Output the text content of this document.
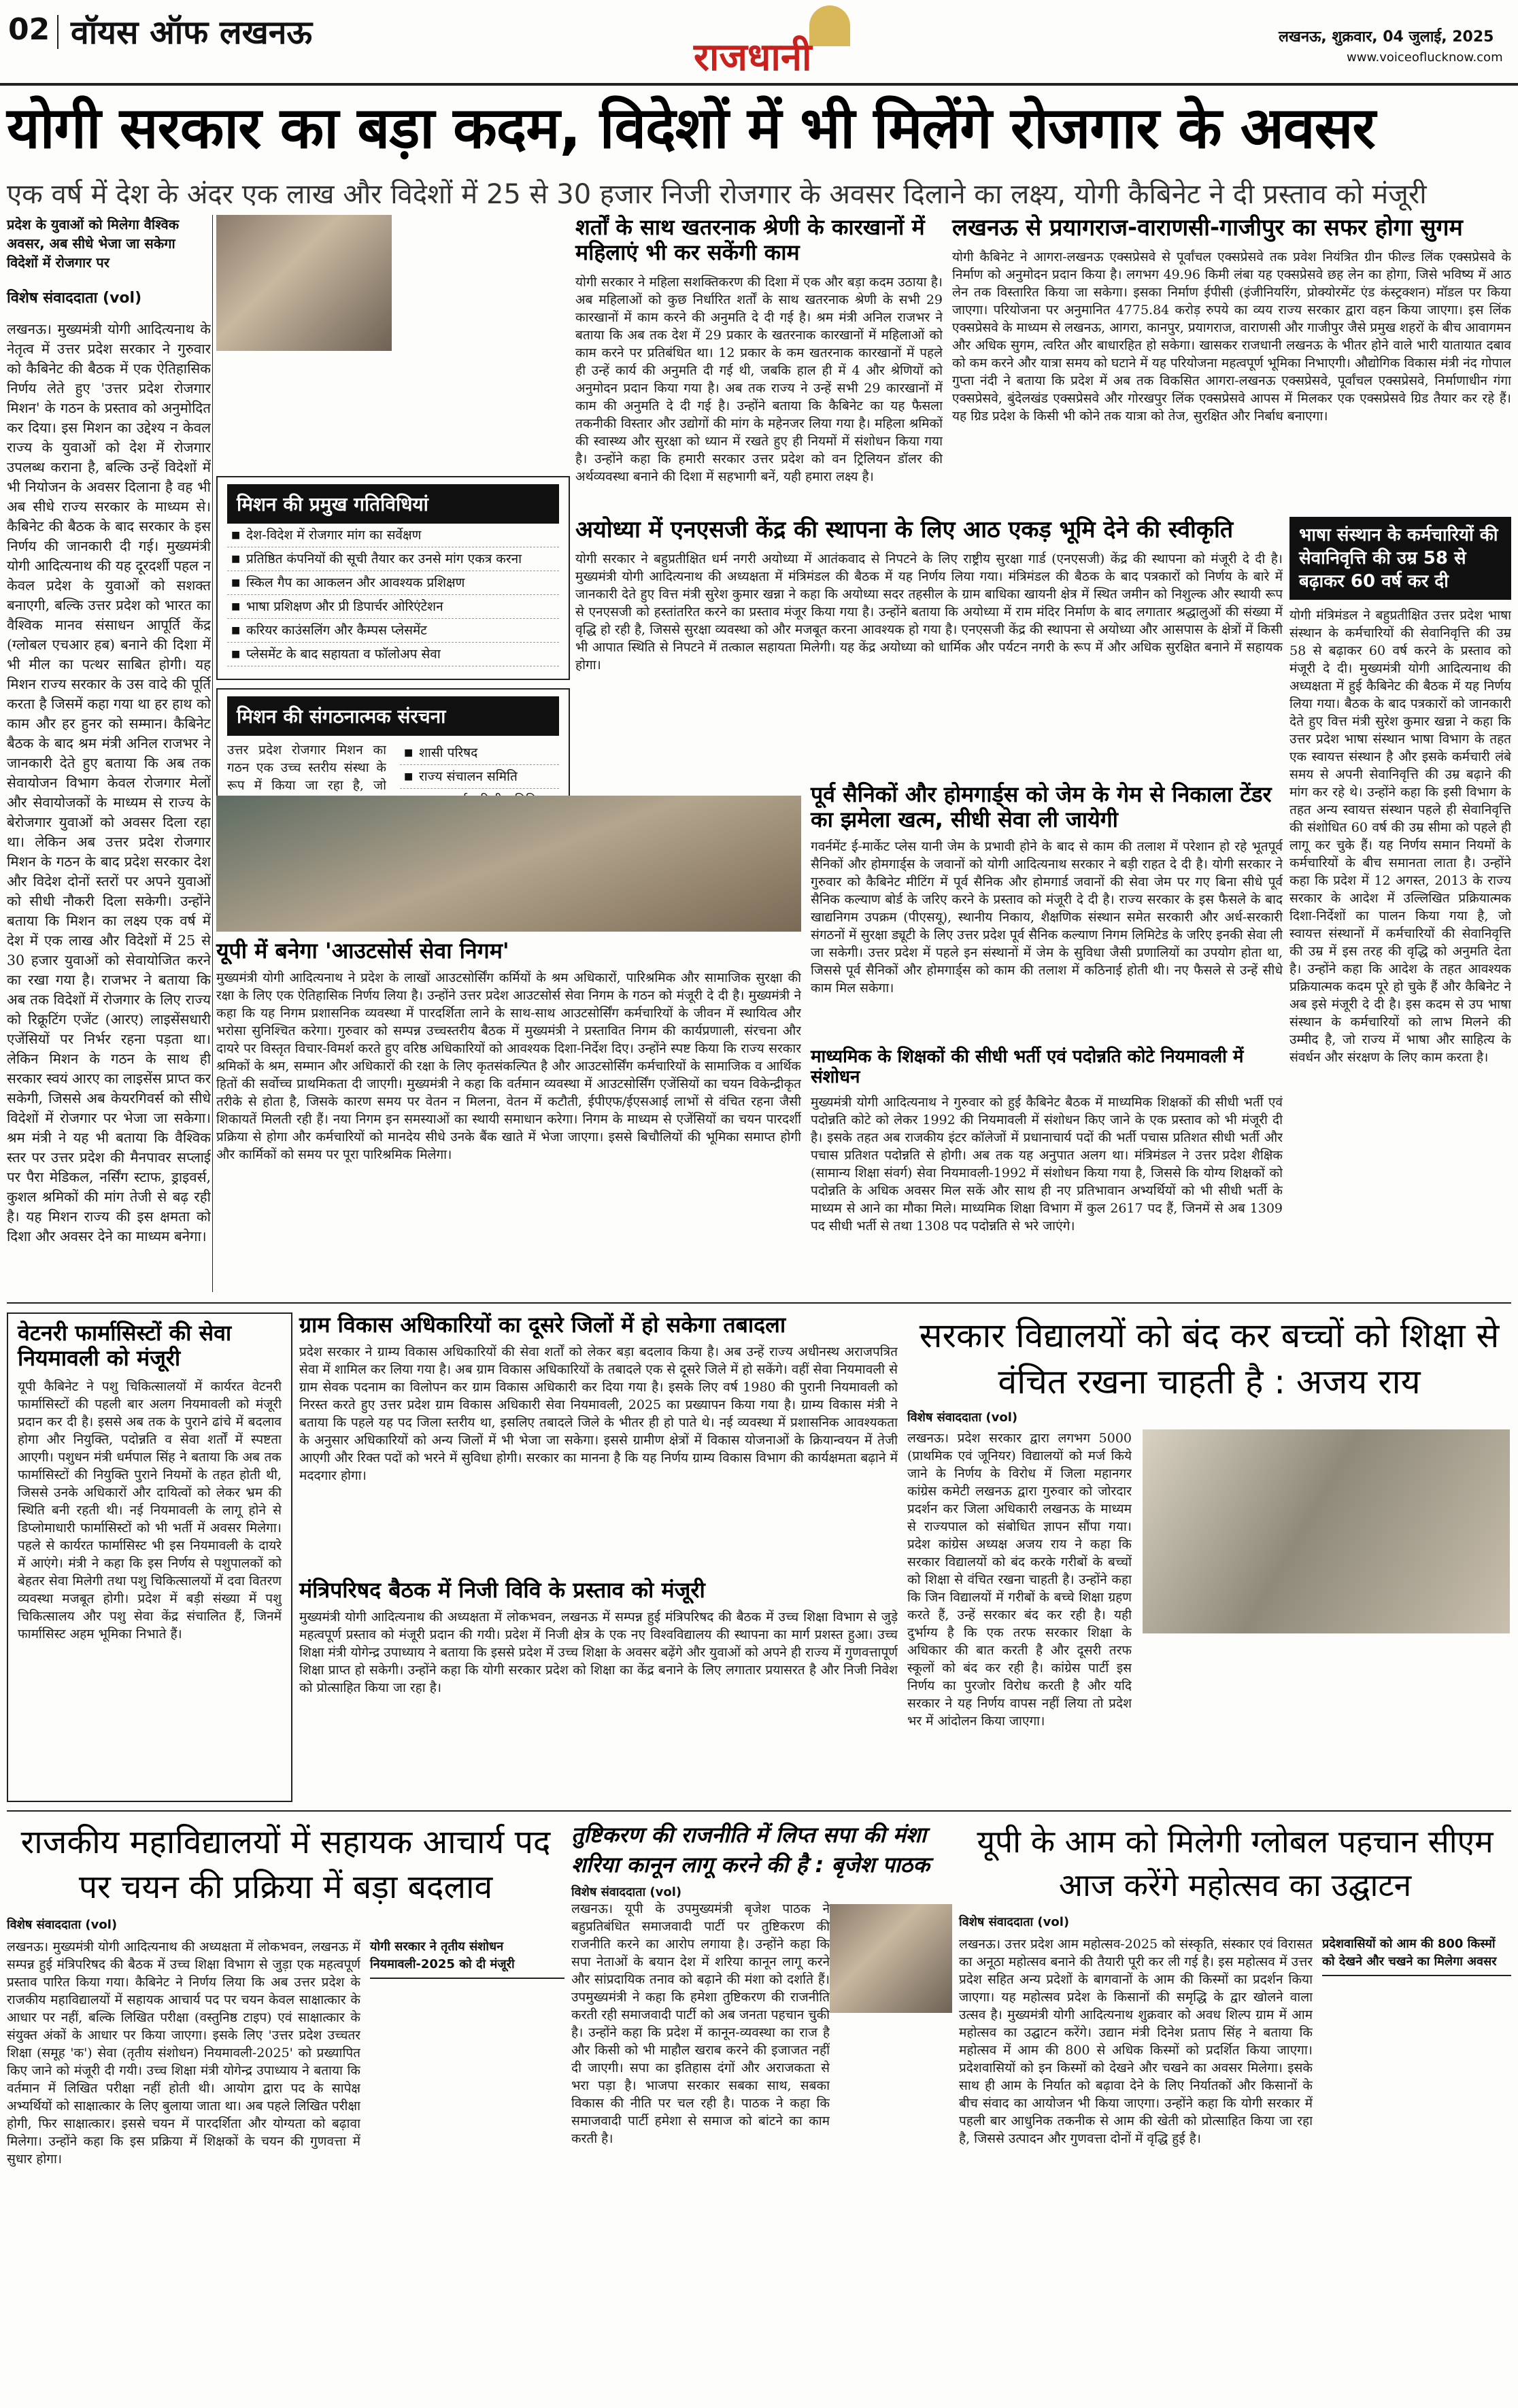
02 वॉयस ऑफ लखनऊ
राजधानी	लखनऊ, शुक्रवार, 04 जुलाई, 2025
www.voiceoflucknow.com
योगी सरकार का बड़ा कदम, विदेशों में भी मिलेंगे रोजगार के अवसर
एक वर्ष में देश के अंदर एक लाख और विदेशों में 25 से 30 हजार निजी रोजगार के अवसर दिलाने का लक्ष्य, योगी कैबिनेट ने दी प्रस्ताव को मंजूरी
प्रदेश के युवाओं को मिलेगा वैश्विक अवसर, अब सीधे भेजा जा सकेगा विदेशों में रोजगार पर
विशेष संवाददाता (vol)

लखनऊ। मुख्यमंत्री योगी आदित्यनाथ के नेतृत्व में उत्तर प्रदेश सरकार ने गुरुवार को कैबिनेट की बैठक में एक ऐतिहासिक निर्णय लेते हुए 'उत्तर प्रदेश रोजगार मिशन' के गठन के प्रस्ताव को अनुमोदित कर दिया। इस मिशन का उद्देश्य न केवल राज्य के युवाओं को देश में रोजगार उपलब्ध कराना है, बल्कि उन्हें विदेशों में भी नियोजन के अवसर दिलाना है वह भी अब सीधे राज्य सरकार के माध्यम से। कैबिनेट की बैठक के बाद सरकार के इस निर्णय की जानकारी दी गई। मुख्यमंत्री योगी आदित्यनाथ की यह दूरदर्शी पहल न केवल प्रदेश के युवाओं को सशक्त बनाएगी, बल्कि उत्तर प्रदेश को भारत का वैश्विक मानव संसाधन आपूर्ति केंद्र (ग्लोबल एचआर हब) बनाने की दिशा में भी मील का पत्थर साबित होगी। यह मिशन राज्य सरकार के उस वादे की पूर्ति करता है जिसमें कहा गया था हर हाथ को काम और हर हुनर को सम्मान। कैबिनेट बैठक के बाद श्रम मंत्री अनिल राजभर ने जानकारी देते हुए बताया कि अब तक सेवायोजन विभाग केवल रोजगार मेलों और सेवायोजकों के माध्यम से राज्य के बेरोजगार युवाओं को अवसर दिला रहा था। लेकिन अब उत्तर प्रदेश रोजगार मिशन के गठन के बाद प्रदेश सरकार देश और विदेश दोनों स्तरों पर अपने युवाओं को सीधी नौकरी दिला सकेगी। उन्होंने बताया कि मिशन का लक्ष्य एक वर्ष में देश में एक लाख और विदेशों में 25 से 30 हजार युवाओं को सेवायोजित करने का रखा गया है। राजभर ने बताया कि अब तक विदेशों में रोजगार के लिए राज्य को रिक्रूटिंग एजेंट (आरए) लाइसेंसधारी एजेंसियों पर निर्भर रहना पड़ता था। लेकिन मिशन के गठन के साथ ही सरकार स्वयं आरए का लाइसेंस प्राप्त कर सकेगी, जिससे अब केयरगिवर्स को सीधे विदेशों में रोजगार पर भेजा जा सकेगा। श्रम मंत्री ने यह भी बताया कि वैश्विक स्तर पर उत्तर प्रदेश की मैनपावर सप्लाई पर पैरा मेडिकल, नर्सिंग स्टाफ, ड्राइवर्स, कुशल श्रमिकों की मांग तेजी से बढ़ रही है। यह मिशन राज्य की इस क्षमता को दिशा और अवसर देने का माध्यम बनेगा।

मिशन की प्रमुख गतिविधियां
■ देश-विदेश में रोजगार मांग का सर्वेक्षण
■ प्रतिष्ठित कंपनियों की सूची तैयार कर उनसे मांग एकत्र करना
■ स्किल गैप का आकलन और आवश्यक प्रशिक्षण
■ भाषा प्रशिक्षण और प्री डिपार्चर ओरिएंटेशन
■ करियर काउंसलिंग और कैम्पस प्लेसमेंट
■ प्लेसमेंट के बाद सहायता व फॉलोअप सेवा
मिशन की संगठनात्मक संरचना

उत्तर प्रदेश रोजगार मिशन का गठन एक उच्च स्तरीय संस्था के रूप में किया जा रहा है, जो

■ शासी परिषद
■ राज्य संचालन समिति
■
■
■
शर्तों के साथ खतरनाक श्रेणी के कारखानों में महिलाएं भी कर सकेंगी काम

योगी सरकार ने महिला सशक्तिकरण की दिशा में एक और बड़ा कदम उठाया है। अब महिलाओं को कुछ निर्धारित शर्तों के साथ खतरनाक श्रेणी के सभी 29 कारखानों में काम करने की अनुमति दे दी गई है। श्रम मंत्री अनिल राजभर ने बताया कि अब तक देश में 29 प्रकार के खतरनाक कारखानों में महिलाओं को काम करने पर प्रतिबंधित था। 12 प्रकार के कम खतरनाक कारखानों में पहले ही उन्हें कार्य की अनुमति दी गई थी, जबकि हाल ही में 4 और श्रेणियों को अनुमोदन प्रदान किया गया है। अब तक राज्य ने उन्हें सभी 29 कारखानों में काम की अनुमति दे दी गई है। उन्होंने बताया कि कैबिनेट का यह फैसला तकनीकी विस्तार और उद्योगों की मांग के महेनजर लिया गया है। महिला श्रमिकों की स्वास्थ्य और सुरक्षा को ध्यान में रखते हुए ही नियमों में संशोधन किया गया है। उन्होंने कहा कि हमारी सरकार उत्तर प्रदेश को वन ट्रिलियन डॉलर की अर्थव्यवस्था बनाने की दिशा में सहभागी बनें, यही हमारा लक्ष्य है।

लखनऊ से प्रयागराज-वाराणसी-गाजीपुर का सफर होगा सुगम

योगी कैबिनेट ने आगरा-लखनऊ एक्सप्रेसवे से पूर्वांचल एक्सप्रेसवे तक प्रवेश नियंत्रित ग्रीन फील्ड लिंक एक्सप्रेसवे के निर्माण को अनुमोदन प्रदान किया है। लगभग 49.96 किमी लंबा यह एक्सप्रेसवे छह लेन का होगा, जिसे भविष्य में आठ लेन तक विस्तारित किया जा सकेगा। इसका निर्माण ईपीसी (इंजीनियरिंग, प्रोक्योरमेंट एंड कंस्ट्रक्शन) मॉडल पर किया जाएगा। परियोजना पर अनुमानित 4775.84 करोड़ रुपये का व्यय राज्य सरकार द्वारा वहन किया जाएगा। इस लिंक एक्सप्रेसवे के माध्यम से लखनऊ, आगरा, कानपुर, प्रयागराज, वाराणसी और गाजीपुर जैसे प्रमुख शहरों के बीच आवागमन और अधिक सुगम, त्वरित और बाधारहित हो सकेगा। खासकर राजधानी लखनऊ के भीतर होने वाले भारी यातायात दबाव को कम करने और यात्रा समय को घटाने में यह परियोजना महत्वपूर्ण भूमिका निभाएगी। औद्योगिक विकास मंत्री नंद गोपाल गुप्ता नंदी ने बताया कि प्रदेश में अब तक विकसित आगरा-लखनऊ एक्सप्रेसवे, पूर्वांचल एक्सप्रेसवे, निर्माणाधीन गंगा एक्सप्रेसवे, बुंदेलखंड एक्सप्रेसवे और गोरखपुर लिंक एक्सप्रेसवे आपस में मिलकर एक एक्सप्रेसवे ग्रिड तैयार कर रहे हैं। यह ग्रिड प्रदेश के किसी भी कोने तक यात्रा को तेज, सुरक्षित और निर्बाध बनाएगा।

अयोध्या में एनएसजी केंद्र की स्थापना के लिए आठ एकड़ भूमि देने की स्वीकृति

योगी सरकार ने बहुप्रतीक्षित धर्म नगरी अयोध्या में आतंकवाद से निपटने के लिए राष्ट्रीय सुरक्षा गार्ड (एनएसजी) केंद्र की स्थापना को मंजूरी दे दी है। मुख्यमंत्री योगी आदित्यनाथ की अध्यक्षता में मंत्रिमंडल की बैठक में यह निर्णय लिया गया। मंत्रिमंडल की बैठक के बाद पत्रकारों को निर्णय के बारे में जानकारी देते हुए वित्त मंत्री सुरेश कुमार खन्ना ने कहा कि अयोध्या सदर तहसील के ग्राम बाधिका खायनी क्षेत्र में स्थित जमीन को निशुल्क और स्थायी रूप से एनएसजी को हस्तांतरित करने का प्रस्ताव मंजूर किया गया है। उन्होंने बताया कि अयोध्या में राम मंदिर निर्माण के बाद लगातार श्रद्धालुओं की संख्या में वृद्धि हो रही है, जिससे सुरक्षा व्यवस्था को और मजबूत करना आवश्यक हो गया है। एनएसजी केंद्र की स्थापना से अयोध्या और आसपास के क्षेत्रों में किसी भी आपात स्थिति से निपटने में तत्काल सहायता मिलेगी। यह केंद्र अयोध्या को धार्मिक और पर्यटन नगरी के रूप में और अधिक सुरक्षित बनाने में सहायक होगा।

भाषा संस्थान के कर्मचारियों की सेवानिवृत्ति की उम्र 58 से बढ़ाकर 60 वर्ष कर दी

योगी मंत्रिमंडल ने बहुप्रतीक्षित उत्तर प्रदेश भाषा संस्थान के कर्मचारियों की सेवानिवृत्ति की उम्र 58 से बढ़ाकर 60 वर्ष करने के प्रस्ताव को मंजूरी दे दी। मुख्यमंत्री योगी आदित्यनाथ की अध्यक्षता में हुई कैबिनेट की बैठक में यह निर्णय लिया गया। बैठक के बाद पत्रकारों को जानकारी देते हुए वित्त मंत्री सुरेश कुमार खन्ना ने कहा कि उत्तर प्रदेश भाषा संस्थान भाषा विभाग के तहत एक स्वायत्त संस्थान है और इसके कर्मचारी लंबे समय से अपनी सेवानिवृत्ति की उम्र बढ़ाने की मांग कर रहे थे। उन्होंने कहा कि इसी विभाग के तहत अन्य स्वायत्त संस्थान पहले ही सेवानिवृत्ति की संशोधित 60 वर्ष की उम्र सीमा को पहले ही लागू कर चुके हैं। यह निर्णय समान नियमों के कर्मचारियों के बीच समानता लाता है। उन्होंने कहा कि प्रदेश में 12 अगस्त, 2013 के राज्य सरकार के आदेश में उल्लिखित प्रक्रियात्मक दिशा-निर्देशों का पालन किया गया है, जो स्वायत्त संस्थानों में कर्मचारियों की सेवानिवृत्ति की उम्र में इस तरह की वृद्धि को अनुमति देता है। उन्होंने कहा कि आदेश के तहत आवश्यक प्रक्रियात्मक कदम पूरे हो चुके हैं और कैबिनेट ने अब इसे मंजूरी दे दी है। इस कदम से उप भाषा संस्थान के कर्मचारियों को लाभ मिलने की उम्मीद है, जो राज्य में भाषा और साहित्य के संवर्धन और संरक्षण के लिए काम करता है।

यूपी में बनेगा 'आउटसोर्स सेवा निगम'

मुख्यमंत्री योगी आदित्यनाथ ने प्रदेश के लाखों आउटसोर्सिंग कर्मियों के श्रम अधिकारों, पारिश्रमिक और सामाजिक सुरक्षा की रक्षा के लिए एक ऐतिहासिक निर्णय लिया है। उन्होंने उत्तर प्रदेश आउटसोर्स सेवा निगम के गठन को मंजूरी दे दी है। मुख्यमंत्री ने कहा कि यह निगम प्रशासनिक व्यवस्था में पारदर्शिता लाने के साथ-साथ आउटसोर्सिंग कर्मचारियों के जीवन में स्थायित्व और भरोसा सुनिश्चित करेगा। गुरुवार को सम्पन्न उच्चस्तरीय बैठक में मुख्यमंत्री ने प्रस्तावित निगम की कार्यप्रणाली, संरचना और दायरे पर विस्तृत विचार-विमर्श करते हुए वरिष्ठ अधिकारियों को आवश्यक दिशा-निर्देश दिए। उन्होंने स्पष्ट किया कि राज्य सरकार श्रमिकों के श्रम, सम्मान और अधिकारों की रक्षा के लिए कृतसंकल्पित है और आउटसोर्सिंग कर्मचारियों के सामाजिक व आर्थिक हितों की सर्वोच्च प्राथमिकता दी जाएगी। मुख्यमंत्री ने कहा कि वर्तमान व्यवस्था में आउटसोर्सिंग एजेंसियों का चयन विकेन्द्रीकृत तरीके से होता है, जिसके कारण समय पर वेतन न मिलना, वेतन में कटौती, ईपीएफ/ईएसआई लाभों से वंचित रहना जैसी शिकायतें मिलती रही हैं। नया निगम इन समस्याओं का स्थायी समाधान करेगा। निगम के माध्यम से एजेंसियों का चयन पारदर्शी प्रक्रिया से होगा और कर्मचारियों को मानदेय सीधे उनके बैंक खाते में भेजा जाएगा। इससे बिचौलियों की भूमिका समाप्त होगी और कार्मिकों को समय पर पूरा पारिश्रमिक मिलेगा।

पूर्व सैनिकों और होमगार्ड्स को जेम के गेम से निकाला टेंडर का झमेला खत्म, सीधी सेवा ली जायेगी

गवर्नमेंट ई-मार्केट प्लेस यानी जेम के प्रभावी होने के बाद से काम की तलाश में परेशान हो रहे भूतपूर्व सैनिकों और होमगार्ड्स के जवानों को योगी आदित्यनाथ सरकार ने बड़ी राहत दे दी है। योगी सरकार ने गुरुवार को कैबिनेट मीटिंग में पूर्व सैनिक और होमगार्ड जवानों की सेवा जेम पर गए बिना सीधे पूर्व सैनिक कल्याण बोर्ड के जरिए करने के प्रस्ताव को मंजूरी दे दी है। राज्य सरकार के इस फैसले के बाद खाद्यनिगम उपक्रम (पीएसयू), स्थानीय निकाय, शैक्षणिक संस्थान समेत सरकारी और अर्ध-सरकारी संगठनों में सुरक्षा ड्यूटी के लिए उत्तर प्रदेश पूर्व सैनिक कल्याण निगम लिमिटेड के जरिए इनकी सेवा ली जा सकेगी। उत्तर प्रदेश में पहले इन संस्थानों में जेम के सुविधा जैसी प्रणालियों का उपयोग होता था, जिससे पूर्व सैनिकों और होमगार्ड्स को काम की तलाश में कठिनाई होती थी। नए फैसले से उन्हें सीधे काम मिल सकेगा।

माध्यमिक के शिक्षकों की सीधी भर्ती एवं पदोन्नति कोटे नियमावली में संशोधन

मुख्यमंत्री योगी आदित्यनाथ ने गुरुवार को हुई कैबिनेट बैठक में माध्यमिक शिक्षकों की सीधी भर्ती एवं पदोन्नति कोटे को लेकर 1992 की नियमावली में संशोधन किए जाने के एक प्रस्ताव को भी मंजूरी दी है। इसके तहत अब राजकीय इंटर कॉलेजों में प्रधानाचार्य पदों की भर्ती पचास प्रतिशत सीधी भर्ती और पचास प्रतिशत पदोन्नति से होगी। अब तक यह अनुपात अलग था। मंत्रिमंडल ने उत्तर प्रदेश शैक्षिक (सामान्य शिक्षा संवर्ग) सेवा नियमावली-1992 में संशोधन किया गया है, जिससे कि योग्य शिक्षकों को पदोन्नति के अधिक अवसर मिल सकें और साथ ही नए प्रतिभावान अभ्यर्थियों को भी सीधी भर्ती के माध्यम से आने का मौका मिले। माध्यमिक शिक्षा विभाग में कुल 2617 पद हैं, जिनमें से अब 1309 पद सीधी भर्ती से तथा 1308 पद पदोन्नति से भरे जाएंगे।

वेटनरी फार्मासिस्टों की सेवा नियमावली को मंजूरी

यूपी कैबिनेट ने पशु चिकित्सालयों में कार्यरत वेटनरी फार्मासिस्टों की पहली बार अलग नियमावली को मंजूरी प्रदान कर दी है। इससे अब तक के पुराने ढांचे में बदलाव होगा और नियुक्ति, पदोन्नति व सेवा शर्तों में स्पष्टता आएगी। पशुधन मंत्री धर्मपाल सिंह ने बताया कि अब तक फार्मासिस्टों की नियुक्ति पुराने नियमों के तहत होती थी, जिससे उनके अधिकारों और दायित्वों को लेकर भ्रम की स्थिति बनी रहती थी। नई नियमावली के लागू होने से डिप्लोमाधारी फार्मासिस्टों को भी भर्ती में अवसर मिलेगा। पहले से कार्यरत फार्मासिस्ट भी इस नियमावली के दायरे में आएंगे। मंत्री ने कहा कि इस निर्णय से पशुपालकों को बेहतर सेवा मिलेगी तथा पशु चिकित्सालयों में दवा वितरण व्यवस्था मजबूत होगी। प्रदेश में बड़ी संख्या में पशु चिकित्सालय और पशु सेवा केंद्र संचालित हैं, जिनमें फार्मासिस्ट अहम भूमिका निभाते हैं।

ग्राम विकास अधिकारियों का दूसरे जिलों में हो सकेगा तबादला

प्रदेश सरकार ने ग्राम्य विकास अधिकारियों की सेवा शर्तों को लेकर बड़ा बदलाव किया है। अब उन्हें राज्य अधीनस्थ अराजपत्रित सेवा में शामिल कर लिया गया है। अब ग्राम विकास अधिकारियों के तबादले एक से दूसरे जिले में हो सकेंगे। वहीं सेवा नियमावली से ग्राम सेवक पदनाम का विलोपन कर ग्राम विकास अधिकारी कर दिया गया है। इसके लिए वर्ष 1980 की पुरानी नियमावली को निरस्त करते हुए उत्तर प्रदेश ग्राम विकास अधिकारी सेवा नियमावली, 2025 का प्रख्यापन किया गया है। ग्राम्य विकास मंत्री ने बताया कि पहले यह पद जिला स्तरीय था, इसलिए तबादले जिले के भीतर ही हो पाते थे। नई व्यवस्था में प्रशासनिक आवश्यकता के अनुसार अधिकारियों को अन्य जिलों में भी भेजा जा सकेगा। इससे ग्रामीण क्षेत्रों में विकास योजनाओं के क्रियान्वयन में तेजी आएगी और रिक्त पदों को भरने में सुविधा होगी। सरकार का मानना है कि यह निर्णय ग्राम्य विकास विभाग की कार्यक्षमता बढ़ाने में मददगार होगा।

मंत्रिपरिषद बैठक में निजी विवि के प्रस्ताव को मंजूरी

मुख्यमंत्री योगी आदित्यनाथ की अध्यक्षता में लोकभवन, लखनऊ में सम्पन्न हुई मंत्रिपरिषद की बैठक में उच्च शिक्षा विभाग से जुड़े महत्वपूर्ण प्रस्ताव को मंजूरी प्रदान की गयी। प्रदेश में निजी क्षेत्र के एक नए विश्वविद्यालय की स्थापना का मार्ग प्रशस्त हुआ। उच्च शिक्षा मंत्री योगेन्द्र उपाध्याय ने बताया कि इससे प्रदेश में उच्च शिक्षा के अवसर बढ़ेंगे और युवाओं को अपने ही राज्य में गुणवत्तापूर्ण शिक्षा प्राप्त हो सकेगी। उन्होंने कहा कि योगी सरकार प्रदेश को शिक्षा का केंद्र बनाने के लिए लगातार प्रयासरत है और निजी निवेश को प्रोत्साहित किया जा रहा है।

सरकार विद्यालयों को बंद कर बच्चों को शिक्षा से वंचित रखना चाहती है : अजय राय
विशेष संवाददाता (vol)

लखनऊ। प्रदेश सरकार द्वारा लगभग 5000 (प्राथमिक एवं जूनियर) विद्यालयों को मर्ज किये जाने के निर्णय के विरोध में जिला महानगर कांग्रेस कमेटी लखनऊ द्वारा गुरुवार को जोरदार प्रदर्शन कर जिला अधिकारी लखनऊ के माध्यम से राज्यपाल को संबोधित ज्ञापन सौंपा गया। प्रदेश कांग्रेस अध्यक्ष अजय राय ने कहा कि सरकार विद्यालयों को बंद करके गरीबों के बच्चों को शिक्षा से वंचित रखना चाहती है। उन्होंने कहा कि जिन विद्यालयों में गरीबों के बच्चे शिक्षा ग्रहण करते हैं, उन्हें सरकार बंद कर रही है। यही दुर्भाग्य है कि एक तरफ सरकार शिक्षा के अधिकार की बात करती है और दूसरी तरफ स्कूलों को बंद कर रही है। कांग्रेस पार्टी इस निर्णय का पुरजोर विरोध करती है और यदि सरकार ने यह निर्णय वापस नहीं लिया तो प्रदेश भर में आंदोलन किया जाएगा।

राजकीय महाविद्यालयों में सहायक आचार्य पद पर चयन की प्रक्रिया में बड़ा बदलाव
विशेष संवाददाता (vol)

लखनऊ। मुख्यमंत्री योगी आदित्यनाथ की अध्यक्षता में लोकभवन, लखनऊ में सम्पन्न हुई मंत्रिपरिषद की बैठक में उच्च शिक्षा विभाग से जुड़ा एक महत्वपूर्ण प्रस्ताव पारित किया गया। कैबिनेट ने निर्णय लिया कि अब उत्तर प्रदेश के राजकीय महाविद्यालयों में सहायक आचार्य पद पर चयन केवल साक्षात्कार के आधार पर नहीं, बल्कि लिखित परीक्षा (वस्तुनिष्ठ टाइप) एवं साक्षात्कार के संयुक्त अंकों के आधार पर किया जाएगा। इसके लिए 'उत्तर प्रदेश उच्चतर शिक्षा (समूह 'क') सेवा (तृतीय संशोधन) नियमावली-2025' को प्रख्यापित किए जाने को मंजूरी दी गयी। उच्च शिक्षा मंत्री योगेन्द्र उपाध्याय ने बताया कि वर्तमान में लिखित परीक्षा नहीं होती थी। आयोग द्वारा पद के सापेक्ष अभ्यर्थियों को साक्षात्कार के लिए बुलाया जाता था। अब पहले लिखित परीक्षा होगी, फिर साक्षात्कार। इससे चयन में पारदर्शिता और योग्यता को बढ़ावा मिलेगा। उन्होंने कहा कि इस प्रक्रिया में शिक्षकों के चयन की गुणवत्ता में सुधार होगा।

योगी सरकार ने तृतीय संशोधन नियमावली-2025 को दी मंजूरी
तुष्टिकरण की राजनीति में लिप्त सपा की मंशा शरिया कानून लागू करने की है : बृजेश पाठक
विशेष संवाददाता (vol)

लखनऊ। यूपी के उपमुख्यमंत्री बृजेश पाठक ने बहुप्रतिबंधित समाजवादी पार्टी पर तुष्टिकरण की राजनीति करने का आरोप लगाया है। उन्होंने कहा कि सपा नेताओं के बयान देश में शरिया कानून लागू करने और सांप्रदायिक तनाव को बढ़ाने की मंशा को दर्शाते हैं। उपमुख्यमंत्री ने कहा कि हमेशा तुष्टिकरण की राजनीति करती रही समाजवादी पार्टी को अब जनता पहचान चुकी है। उन्होंने कहा कि प्रदेश में कानून-व्यवस्था का राज है और किसी को भी माहौल खराब करने की इजाजत नहीं दी जाएगी। सपा का इतिहास दंगों और अराजकता से भरा पड़ा है। भाजपा सरकार सबका साथ, सबका विकास की नीति पर चल रही है। पाठक ने कहा कि समाजवादी पार्टी हमेशा से समाज को बांटने का काम करती है।

यूपी के आम को मिलेगी ग्लोबल पहचान सीएम आज करेंगे महोत्सव का उद्घाटन
विशेष संवाददाता (vol)

लखनऊ। उत्तर प्रदेश आम महोत्सव-2025 को संस्कृति, संस्कार एवं विरासत का अनूठा महोत्सव बनाने की तैयारी पूरी कर ली गई है। इस महोत्सव में उत्तर प्रदेश सहित अन्य प्रदेशों के बागवानों के आम की किस्मों का प्रदर्शन किया जाएगा। यह महोत्सव प्रदेश के किसानों की समृद्धि के द्वार खोलने वाला उत्सव है। मुख्यमंत्री योगी आदित्यनाथ शुक्रवार को अवध शिल्प ग्राम में आम महोत्सव का उद्घाटन करेंगे। उद्यान मंत्री दिनेश प्रताप सिंह ने बताया कि महोत्सव में आम की 800 से अधिक किस्मों को प्रदर्शित किया जाएगा। प्रदेशवासियों को इन किस्मों को देखने और चखने का अवसर मिलेगा। इसके साथ ही आम के निर्यात को बढ़ावा देने के लिए निर्यातकों और किसानों के बीच संवाद का आयोजन भी किया जाएगा। उन्होंने कहा कि योगी सरकार में पहली बार आधुनिक तकनीक से आम की खेती को प्रोत्साहित किया जा रहा है, जिससे उत्पादन और गुणवत्ता दोनों में वृद्धि हुई है।

प्रदेशवासियों को आम की 800 किस्मों को देखने और चखने का मिलेगा अवसर
